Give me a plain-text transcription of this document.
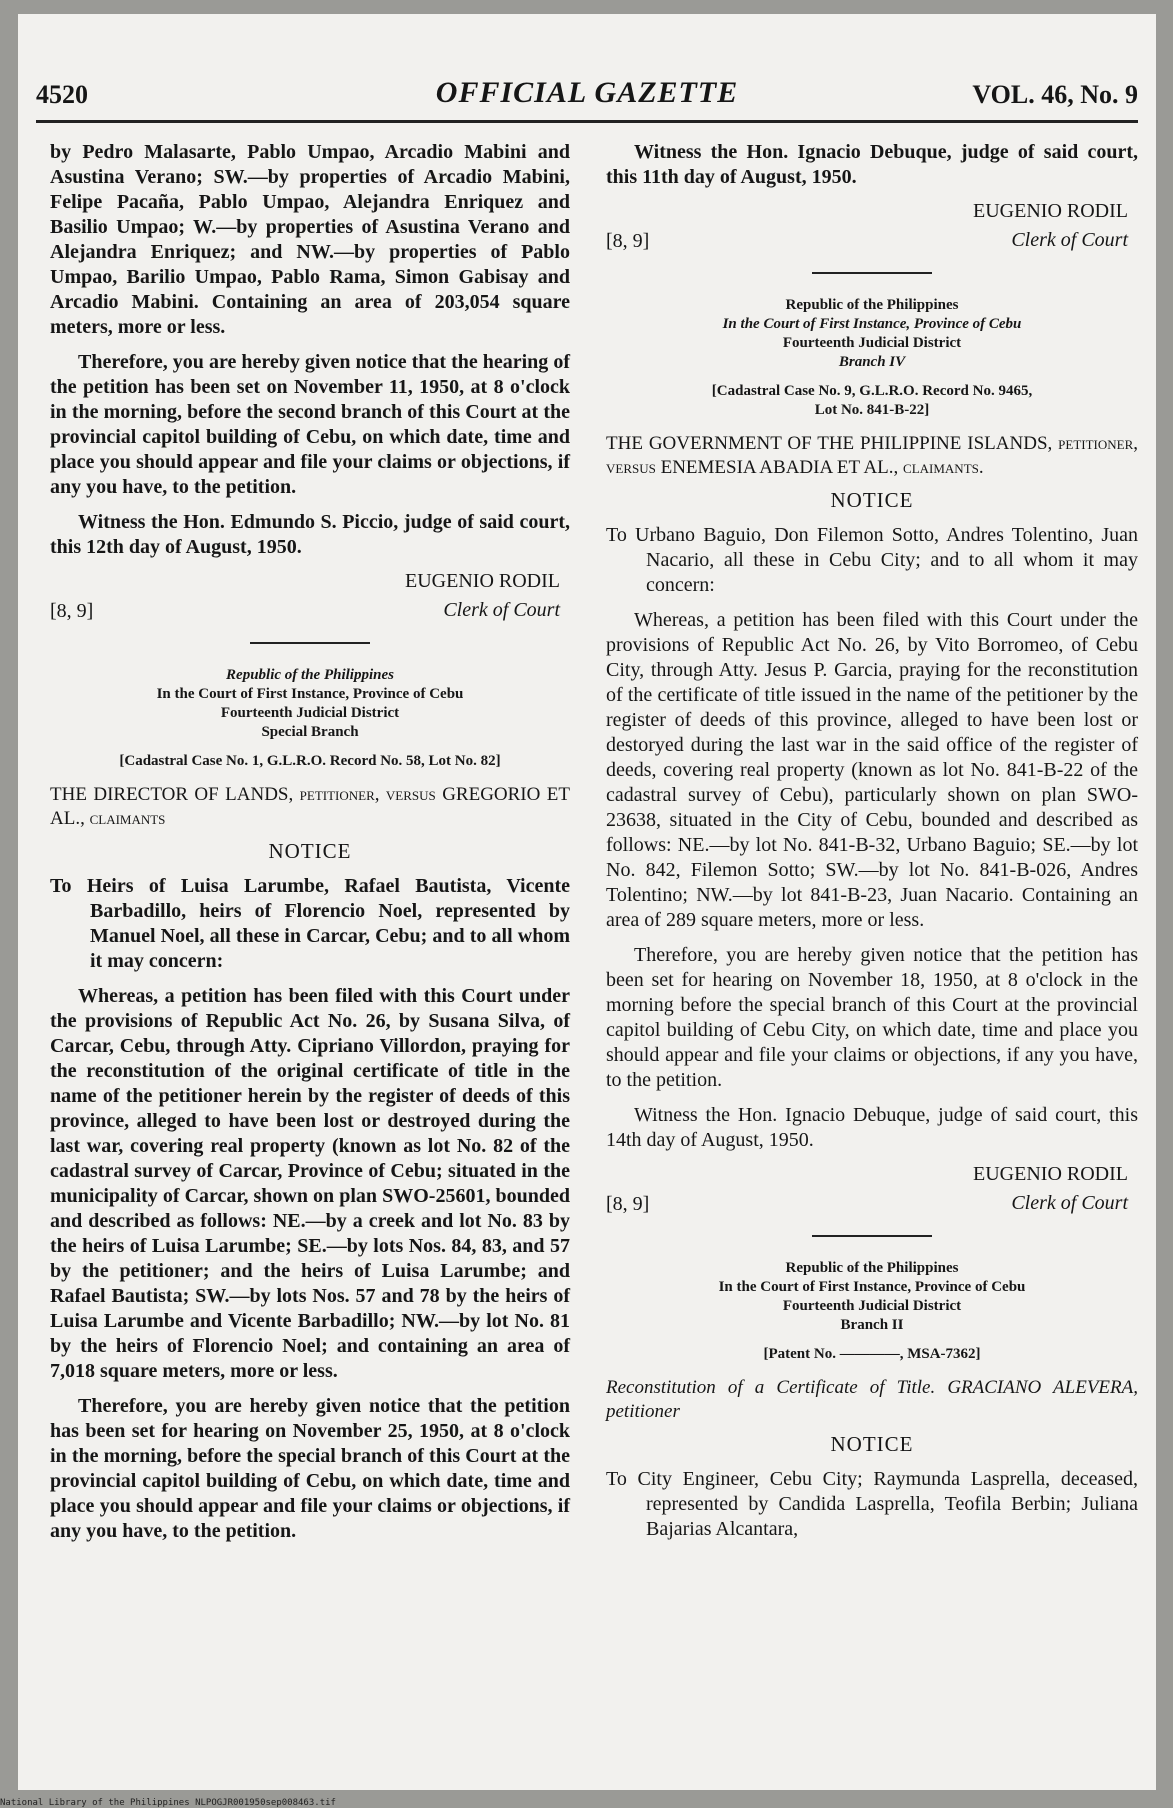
4520	OFFICIAL GAZETTE	VOL. 46, No. 9

by Pedro Malasarte, Pablo Umpao, Arcadio Mabini and Asustina Verano; SW.—by properties of Arcadio Mabini, Felipe Pacaña, Pablo Umpao, Alejandra Enriquez and Basilio Umpao; W.—by properties of Asustina Verano and Alejandra Enriquez; and NW.—by properties of Pablo Umpao, Barilio Umpao, Pablo Rama, Simon Gabisay and Arcadio Mabini. Containing an area of 203,054 square meters, more or less.

Therefore, you are hereby given notice that the hearing of the petition has been set on November 11, 1950, at 8 o'clock in the morning, before the second branch of this Court at the provincial capitol building of Cebu, on which date, time and place you should appear and file your claims or objections, if any you have, to the petition.

Witness the Hon. Edmundo S. Piccio, judge of said court, this 12th day of August, 1950.

[8, 9]
EUGENIO RODIL
Clerk of Court
Republic of the Philippines
In the Court of First Instance, Province of Cebu
Fourteenth Judicial District
Special Branch
[Cadastral Case No. 1, G.L.R.O. Record No. 58, Lot No. 82]
THE DIRECTOR OF LANDS, petitioner, versus GREGORIO ET AL., claimants
NOTICE
To Heirs of Luisa Larumbe, Rafael Bautista, Vicente Barbadillo, heirs of Florencio Noel, represented by Manuel Noel, all these in Carcar, Cebu; and to all whom it may concern:

Whereas, a petition has been filed with this Court under the provisions of Republic Act No. 26, by Susana Silva, of Carcar, Cebu, through Atty. Cipriano Villordon, praying for the reconstitution of the original certificate of title in the name of the petitioner herein by the register of deeds of this province, alleged to have been lost or destroyed during the last war, covering real property (known as lot No. 82 of the cadastral survey of Carcar, Province of Cebu; situated in the municipality of Carcar, shown on plan SWO-25601, bounded and described as follows: NE.—by a creek and lot No. 83 by the heirs of Luisa Larumbe; SE.—by lots Nos. 84, 83, and 57 by the petitioner; and the heirs of Luisa Larumbe; and Rafael Bautista; SW.—by lots Nos. 57 and 78 by the heirs of Luisa Larumbe and Vicente Barbadillo; NW.—by lot No. 81 by the heirs of Florencio Noel; and containing an area of 7,018 square meters, more or less.

Therefore, you are hereby given notice that the petition has been set for hearing on November 25, 1950, at 8 o'clock in the morning, before the special branch of this Court at the provincial capitol building of Cebu, on which date, time and place you should appear and file your claims or objections, if any you have, to the petition.

Witness the Hon. Ignacio Debuque, judge of said court, this 11th day of August, 1950.

[8, 9]
EUGENIO RODIL
Clerk of Court
Republic of the Philippines
In the Court of First Instance, Province of Cebu
Fourteenth Judicial District
Branch IV
[Cadastral Case No. 9, G.L.R.O. Record No. 9465,
Lot No. 841-B-22]
THE GOVERNMENT OF THE PHILIPPINE ISLANDS, petitioner, versus ENEMESIA ABADIA ET AL., claimants.
NOTICE
To Urbano Baguio, Don Filemon Sotto, Andres Tolentino, Juan Nacario, all these in Cebu City; and to all whom it may concern:

Whereas, a petition has been filed with this Court under the provisions of Republic Act No. 26, by Vito Borromeo, of Cebu City, through Atty. Jesus P. Garcia, praying for the reconstitution of the certificate of title issued in the name of the petitioner by the register of deeds of this province, alleged to have been lost or destoryed during the last war in the said office of the register of deeds, covering real property (known as lot No. 841-B-22 of the cadastral survey of Cebu), particularly shown on plan SWO-23638, situated in the City of Cebu, bounded and described as follows: NE.—by lot No. 841-B-32, Urbano Baguio; SE.—by lot No. 842, Filemon Sotto; SW.—by lot No. 841-B-026, Andres Tolentino; NW.—by lot 841-B-23, Juan Nacario. Containing an area of 289 square meters, more or less.

Therefore, you are hereby given notice that the petition has been set for hearing on November 18, 1950, at 8 o'clock in the morning before the special branch of this Court at the provincial capitol building of Cebu City, on which date, time and place you should appear and file your claims or objections, if any you have, to the petition.

Witness the Hon. Ignacio Debuque, judge of said court, this 14th day of August, 1950.

[8, 9]
EUGENIO RODIL
Clerk of Court
Republic of the Philippines
In the Court of First Instance, Province of Cebu
Fourteenth Judicial District
Branch II
[Patent No. ————, MSA-7362]
Reconstitution of a Certificate of Title. GRACIANO ALEVERA, petitioner
NOTICE
To City Engineer, Cebu City; Raymunda Lasprella, deceased, represented by Candida Lasprella, Teofila Berbin; Juliana Bajarias Alcantara,
National Library of the Philippines NLPOGJR001950sep008463.tif
